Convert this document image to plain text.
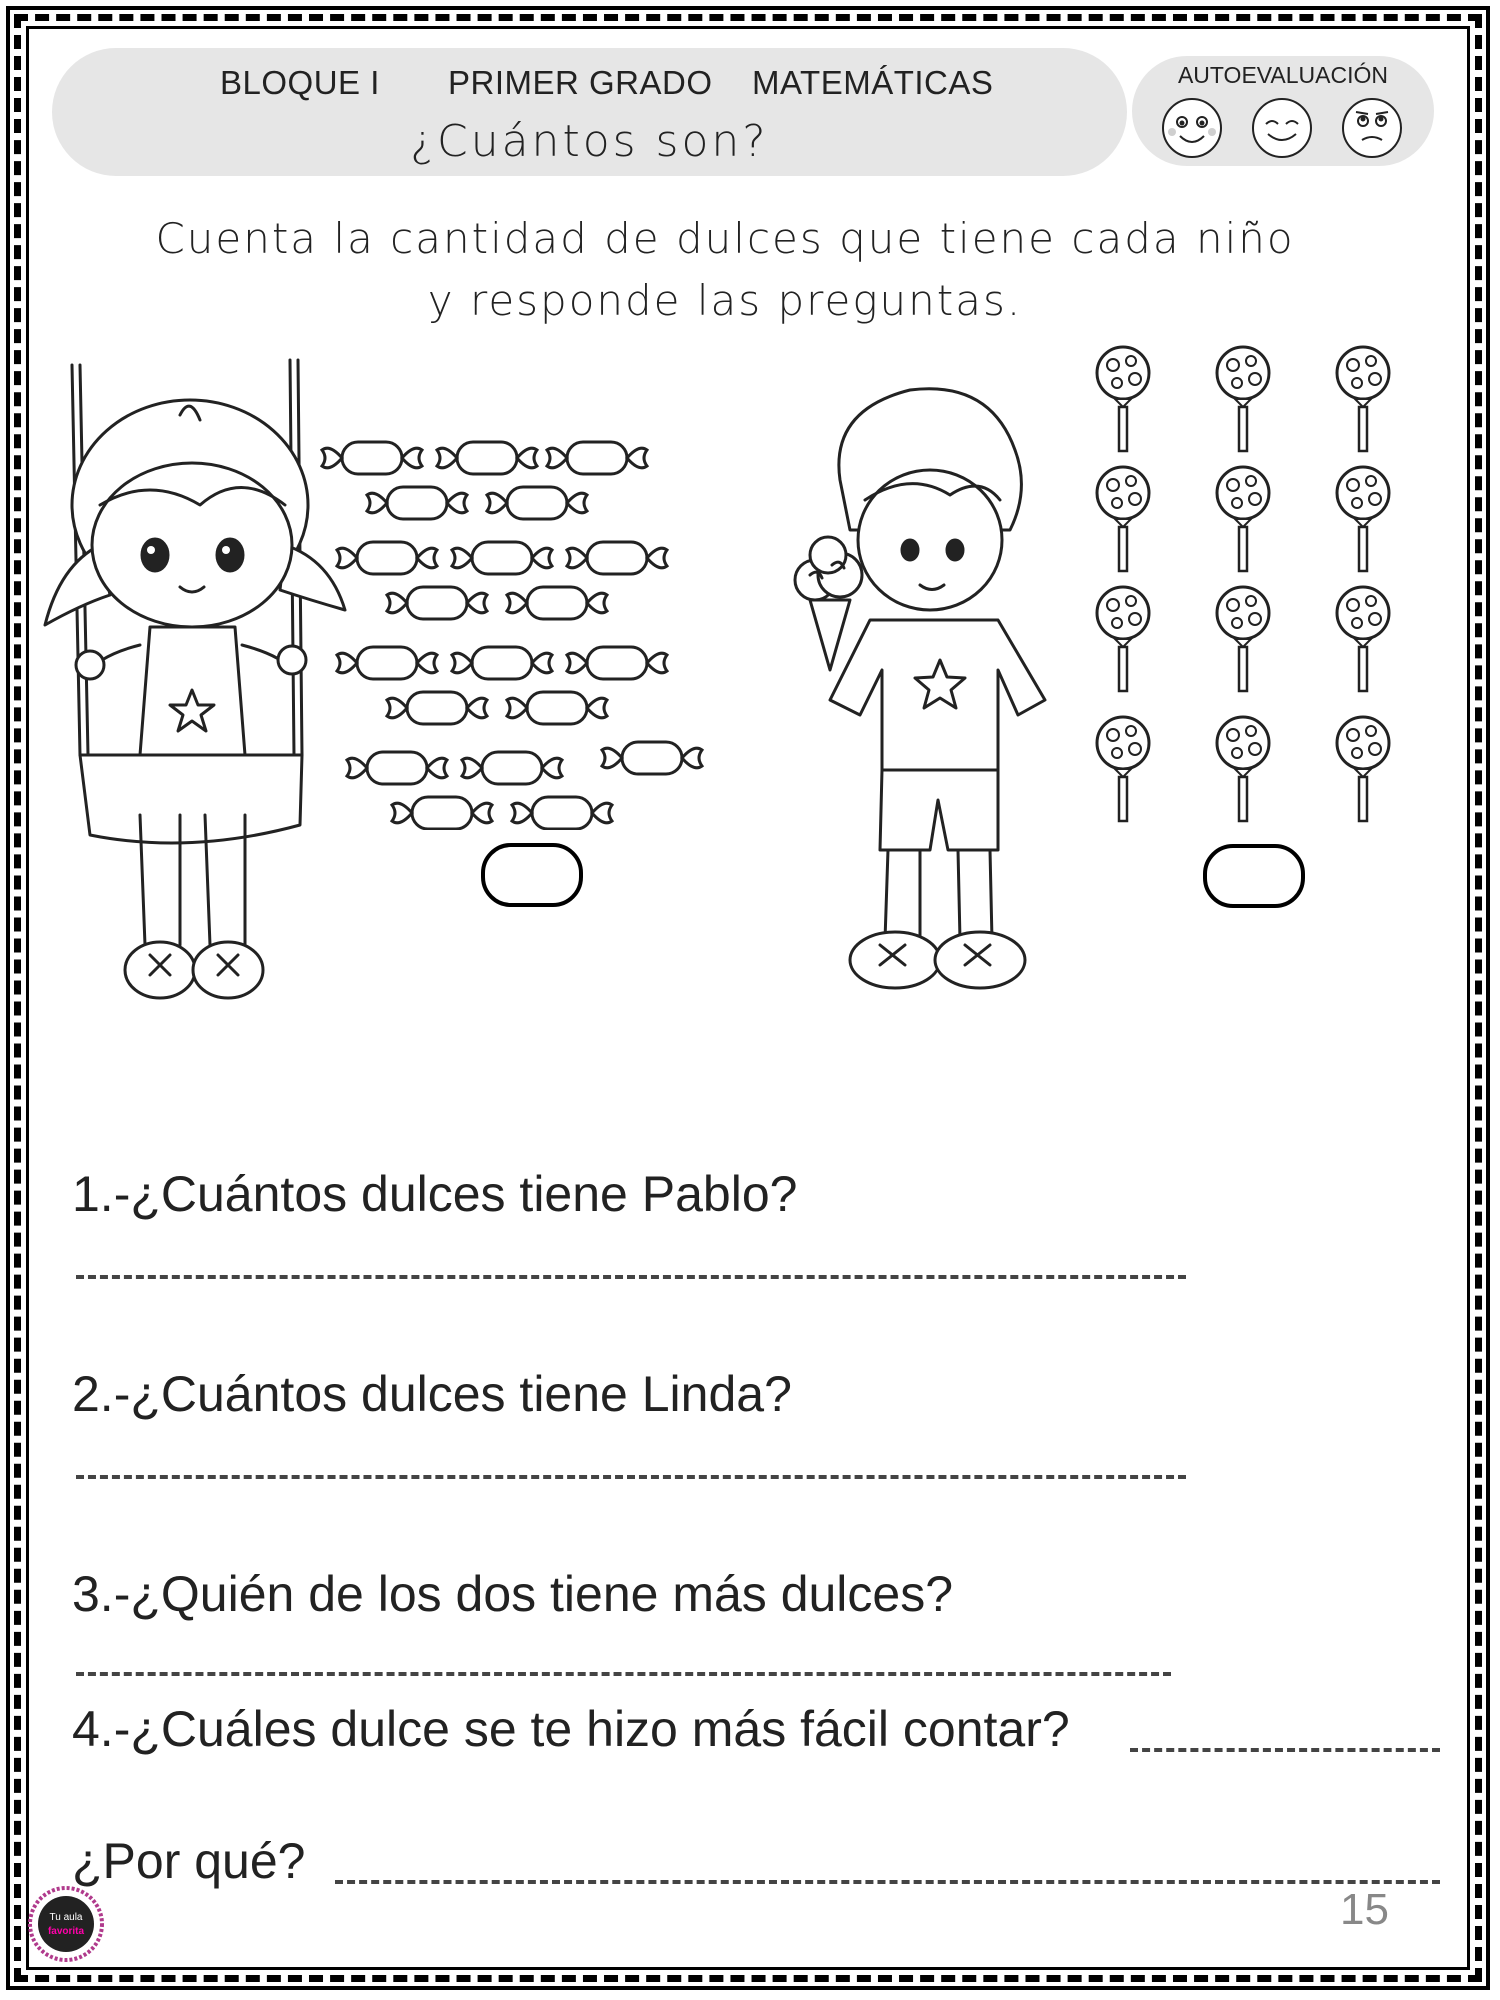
BLOQUE I PRIMER GRADO MATEMÁTICAS
¿Cuántos son?
AUTOEVALUACIÓN
Cuenta la cantidad de dulces que tiene cada niño
y responde las preguntas.
1.-¿Cuántos dulces tiene Pablo?
2.-¿Cuántos dulces tiene Linda?
3.-¿Quién de los dos tiene más dulces?
4.-¿Cuáles dulce se te hizo más fácil contar?
¿Por qué?
15
Tu aula
favorita
